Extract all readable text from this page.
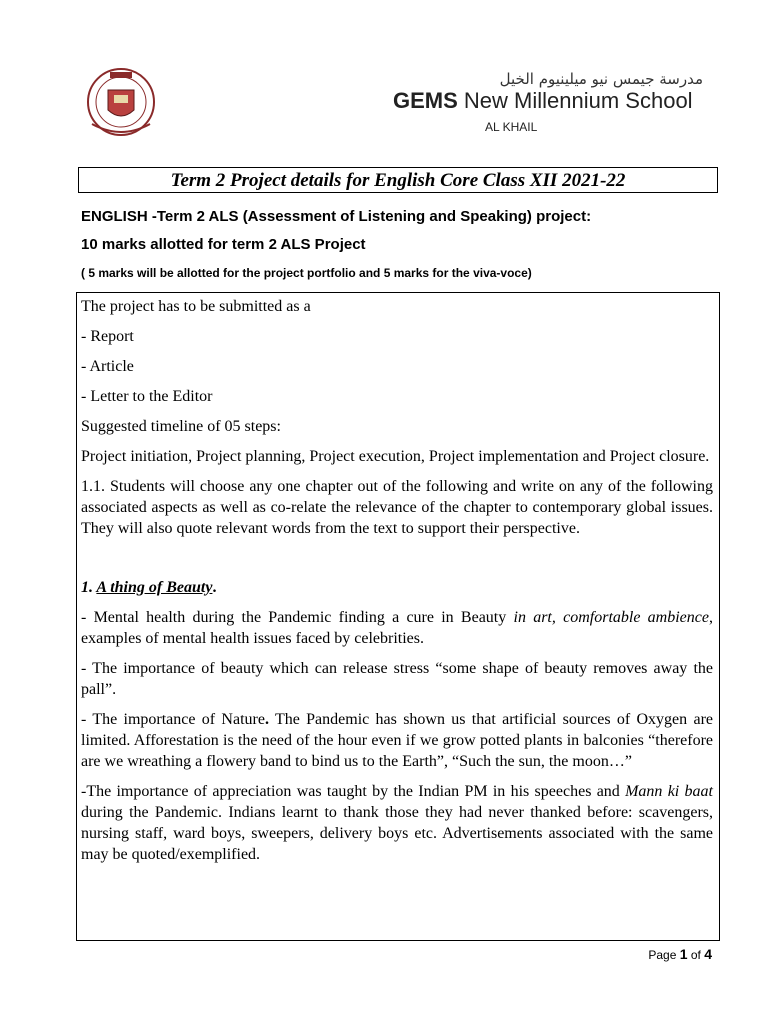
مدرسة جيمس نيو ميلينيوم الخيل
GEMS New Millennium School
AL KHAIL
Term 2 Project details for English Core Class XII 2021-22
ENGLISH -Term 2 ALS (Assessment of Listening and Speaking) project:
10 marks allotted for term 2 ALS Project
( 5 marks will be allotted for the project portfolio and 5 marks for the viva-voce)

The project has to be submitted as a

- Report

- Article

- Letter to the Editor

Suggested timeline of 05 steps:

Project initiation, Project planning, Project execution, Project implementation and Project closure.

1.1. Students will choose any one chapter out of the following and write on any of the following associated aspects as well as co-relate the relevance of the chapter to contemporary global issues. They will also quote relevant words from the text to support their perspective.

1. A thing of Beauty.

- Mental health during the Pandemic finding a cure in Beauty in art, comfortable ambience, examples of mental health issues faced by celebrities.

- The importance of beauty which can release stress “some shape of beauty removes away the pall”.

- The importance of Nature. The Pandemic has shown us that artificial sources of Oxygen are limited. Afforestation is the need of the hour even if we grow potted plants in balconies “therefore are we wreathing a flowery band to bind us to the Earth”, “Such the sun, the moon…”

-The importance of appreciation was taught by the Indian PM in his speeches and Mann ki baat during the Pandemic. Indians learnt to thank those they had never thanked before: scavengers, nursing staff, ward boys, sweepers, delivery boys etc. Advertisements associated with the same may be quoted/exemplified.

Page 1 of 4
